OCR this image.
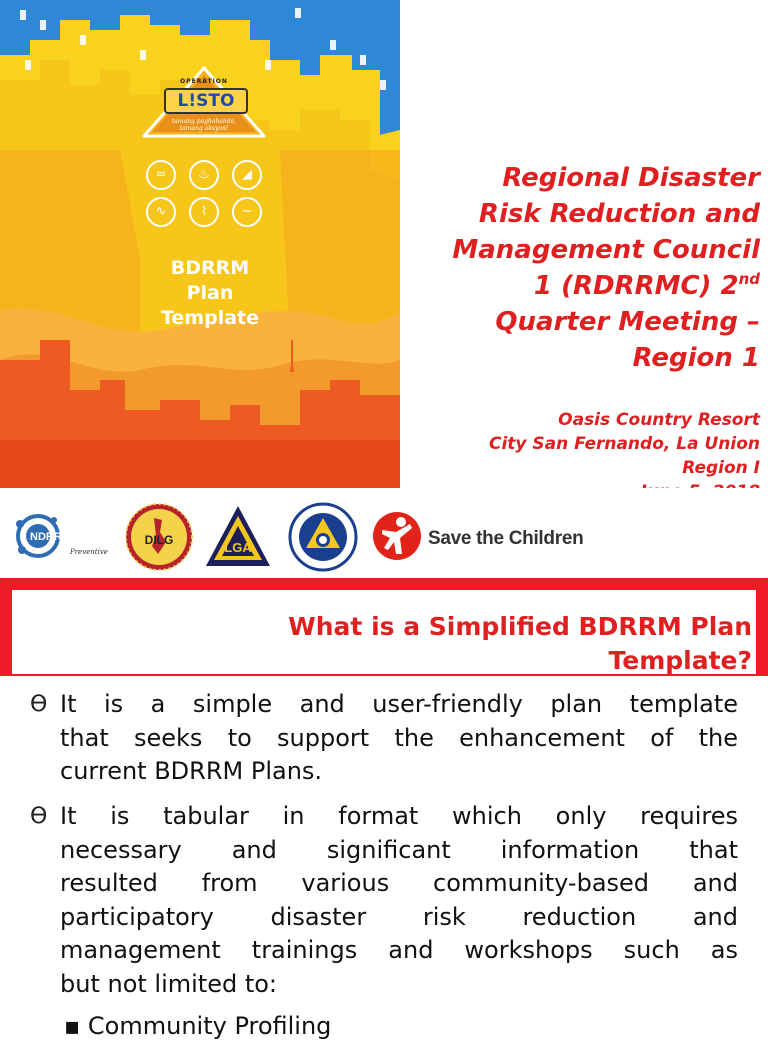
OPERATION
L!STO
tamang paghahanda,
tamang aksyon!
≈	♨	◢
∿	⌇	~
BDRRM
Plan
Template
Regional Disaster
Risk Reduction and
Management Council
1 (RDRRMC) 2nd
Quarter Meeting –
Region 1
Oasis Country Resort
City San Fernando, La Union
Region I
NDRRMC
Preventive
DILG	LGA	Save the Children
What is a Simplified BDRRM Plan
Template?
ϴ It is a simple and user-friendly plan template
that seeks to support the enhancement of the
current BDRRM Plans.
ϴ It is tabular in format which only requires
necessary and significant information that
resulted from various community-based and
participatory disaster risk reduction and
management trainings and workshops such as
but not limited to:
▪ Community Profiling
